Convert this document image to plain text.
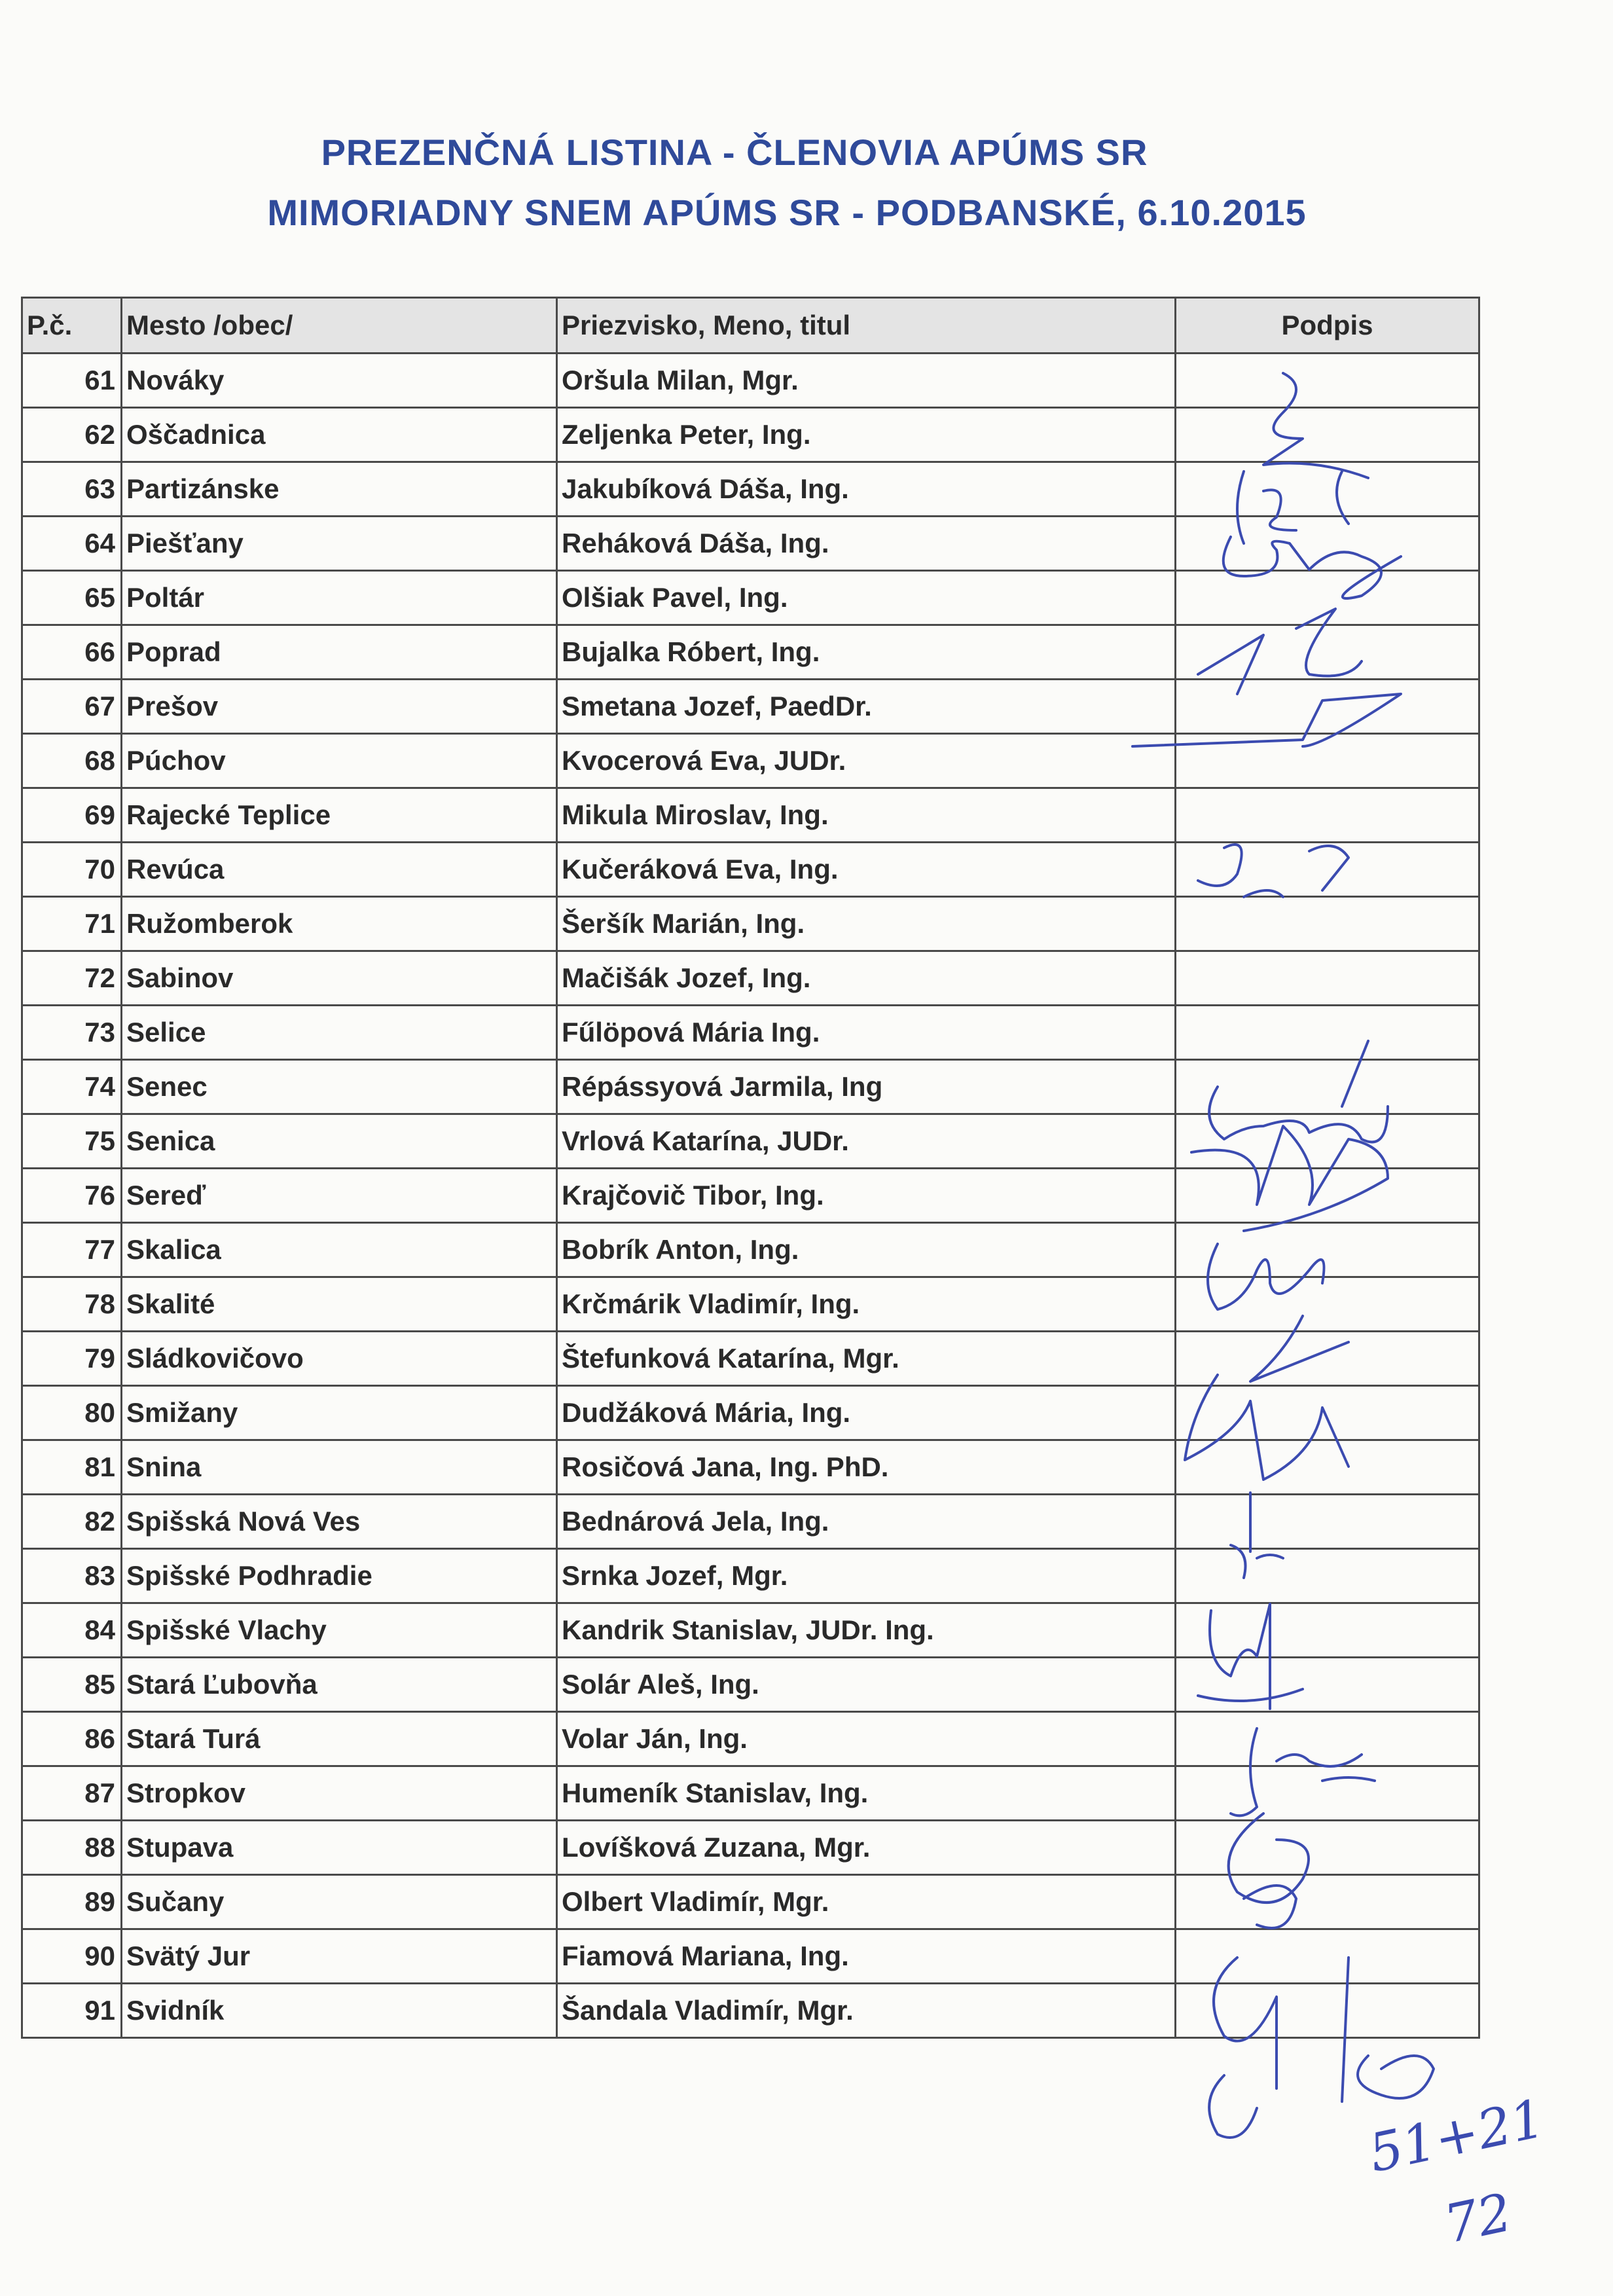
PREZENČNÁ LISTINA - ČLENOVIA APÚMS SR
MIMORIADNY SNEM APÚMS SR - PODBANSKÉ, 6.10.2015
P.č.	Mesto /obec/	Priezvisko, Meno, titul	Podpis
61	Nováky	Oršula Milan, Mgr.	
62	Oščadnica	Zeljenka Peter, Ing.	
63	Partizánske	Jakubíková Dáša, Ing.	
64	Piešťany	Reháková Dáša, Ing.	
65	Poltár	Olšiak Pavel, Ing.	
66	Poprad	Bujalka Róbert, Ing.	
67	Prešov	Smetana Jozef, PaedDr.	
68	Púchov	Kvocerová Eva, JUDr.	
69	Rajecké Teplice	Mikula Miroslav, Ing.	
70	Revúca	Kučeráková Eva, Ing.	
71	Ružomberok	Šeršík Marián, Ing.	
72	Sabinov	Mačišák Jozef, Ing.	
73	Selice	Fűlöpová Mária Ing.	
74	Senec	Répássyová Jarmila, Ing	
75	Senica	Vrlová Katarína, JUDr.	
76	Sereď	Krajčovič Tibor, Ing.	
77	Skalica	Bobrík Anton, Ing.	
78	Skalité	Krčmárik Vladimír, Ing.	
79	Sládkovičovo	Štefunková Katarína, Mgr.	
80	Smižany	Dudžáková Mária, Ing.	
81	Snina	Rosičová Jana, Ing. PhD.	
82	Spišská Nová Ves	Bednárová Jela, Ing.	
83	Spišské Podhradie	Srnka Jozef, Mgr.	
84	Spišské Vlachy	Kandrik Stanislav, JUDr. Ing.	
85	Stará Ľubovňa	Solár Aleš, Ing.	
86	Stará Turá	Volar Ján, Ing.	
87	Stropkov	Humeník Stanislav, Ing.	
88	Stupava	Lovíšková Zuzana, Mgr.	
89	Sučany	Olbert Vladimír, Mgr.	
90	Svätý Jur	Fiamová Mariana, Ing.	
91	Svidník	Šandala Vladimír, Mgr.	
51+21
72
